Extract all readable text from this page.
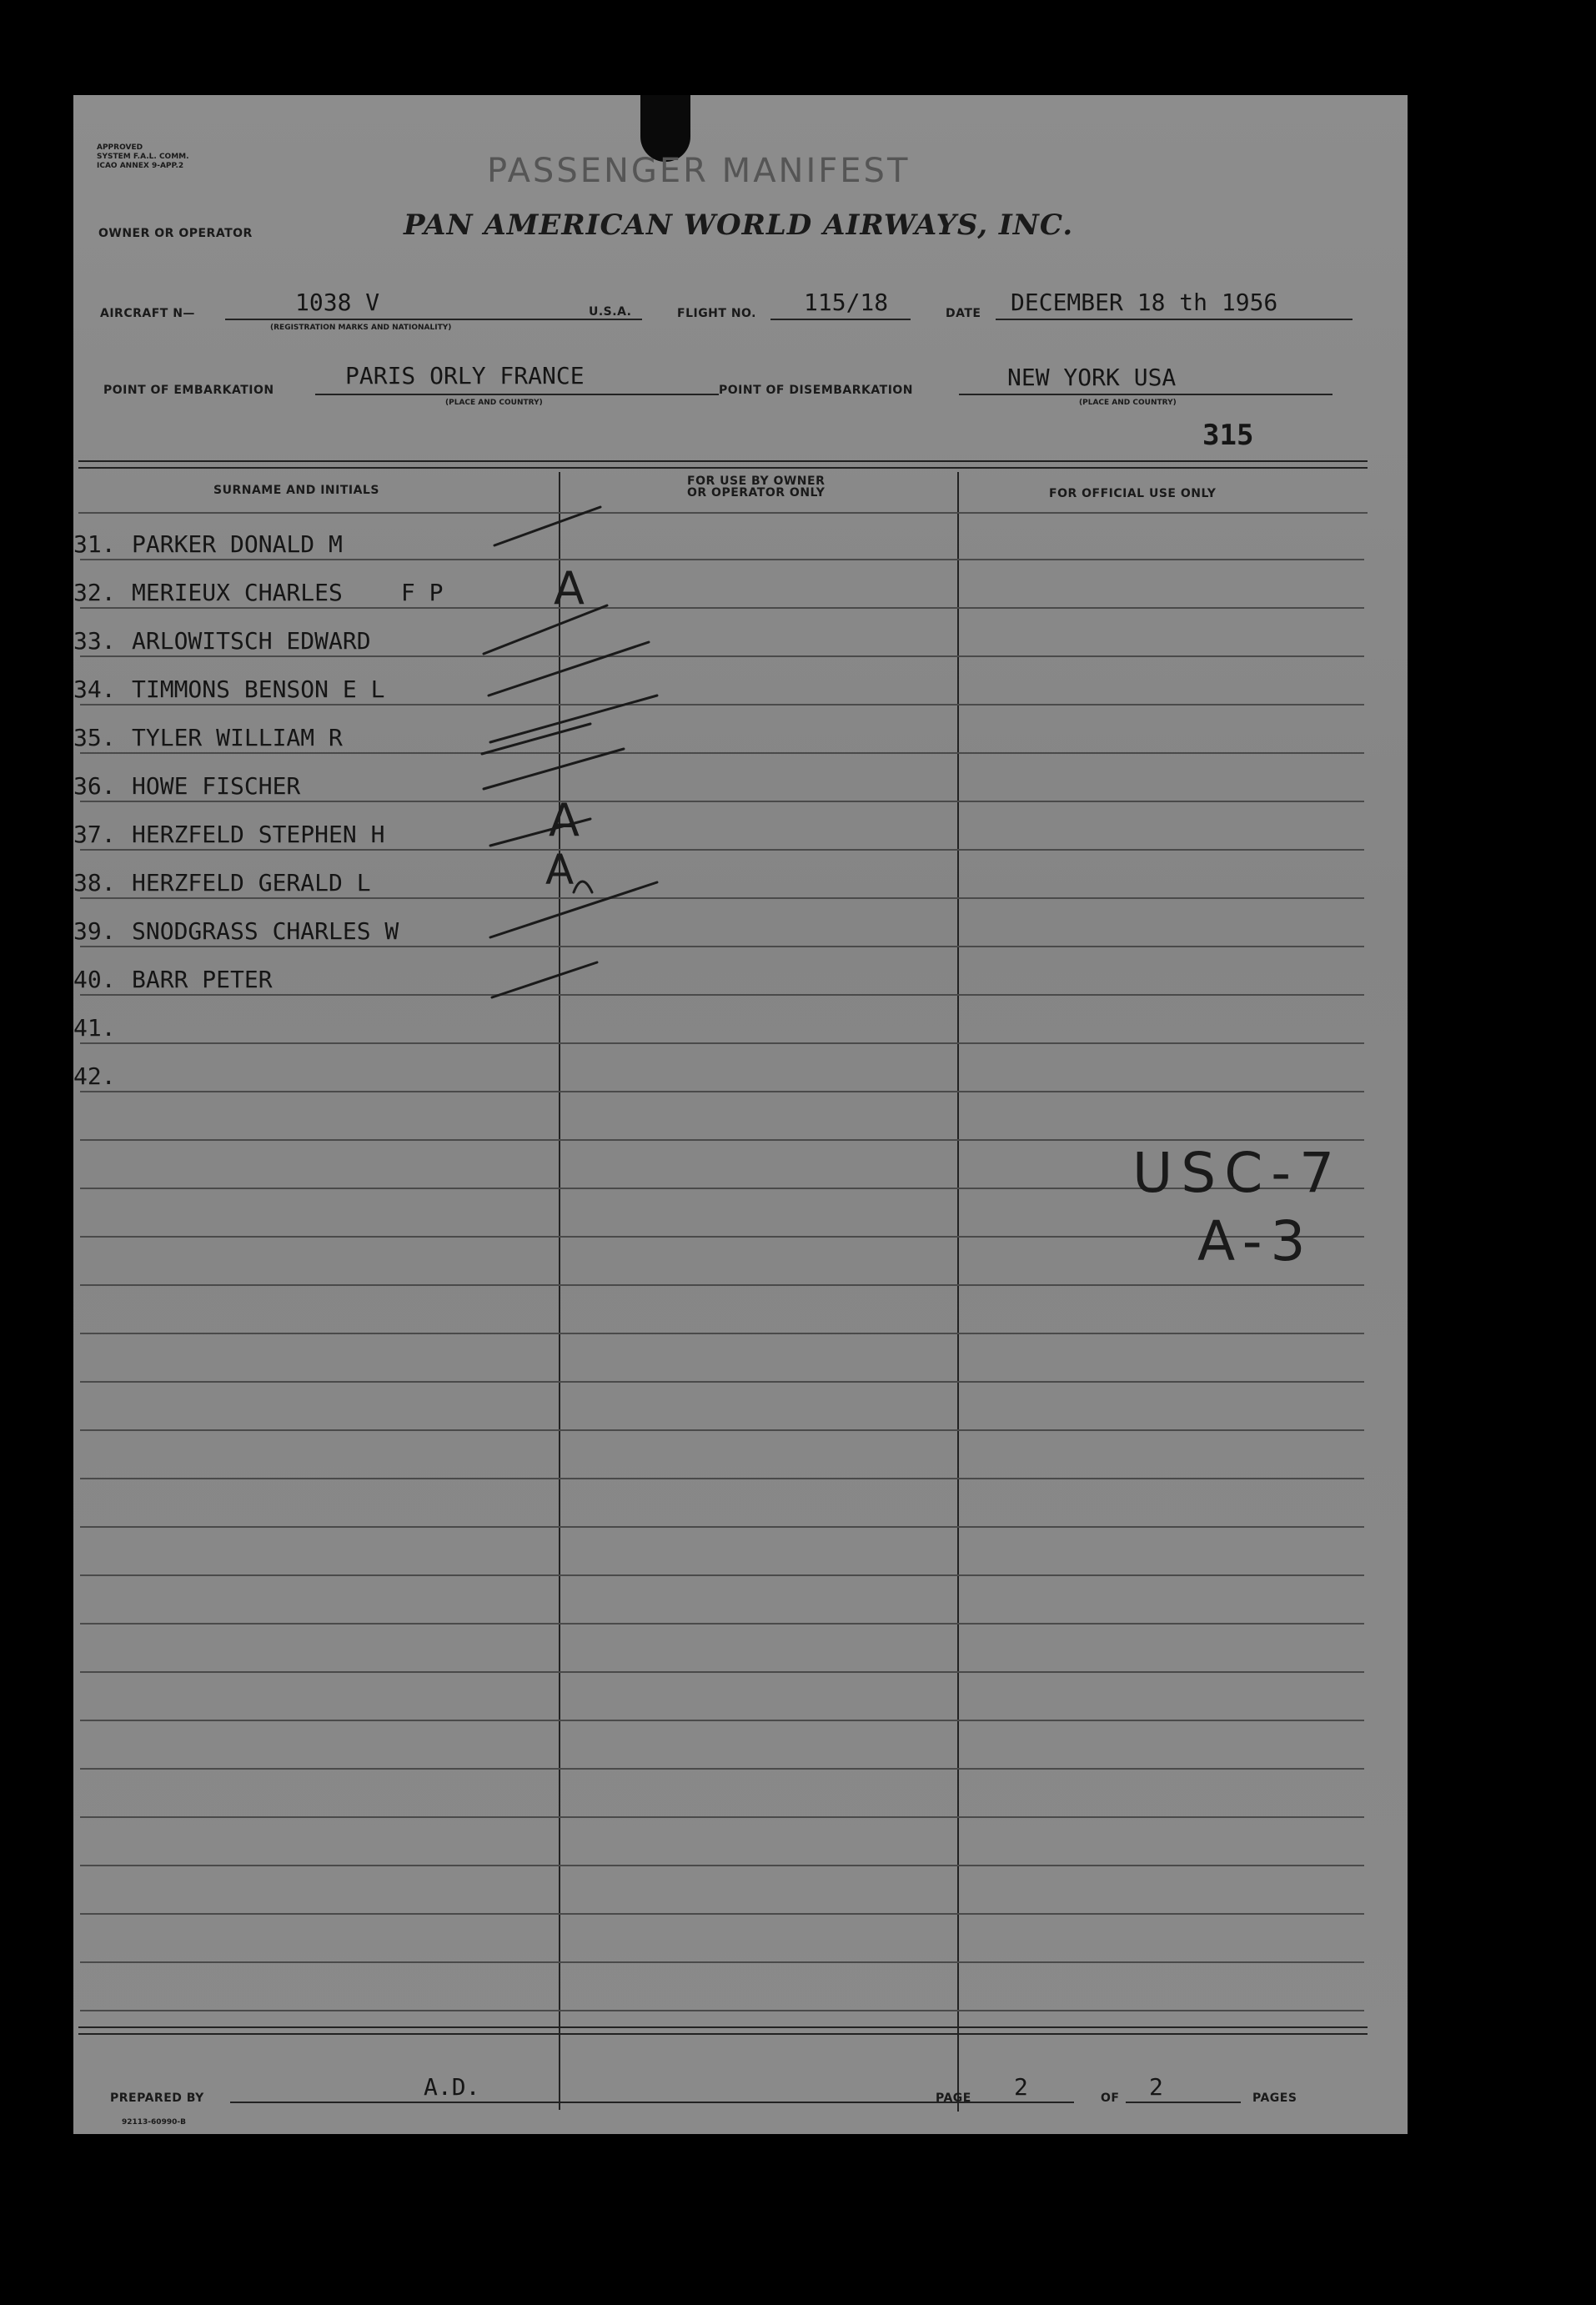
APPROVED
SYSTEM F.A.L. COMM.
ICAO ANNEX 9-APP.2	PASSENGER MANIFEST
OWNER OR OPERATOR	PAN AMERICAN WORLD AIRWAYS, INC.
AIRCRAFT N—	1038 V
(REGISTRATION MARKS AND NATIONALITY)
U.S.A.	FLIGHT NO. 115/18	DATE DECEMBER 18 th 1956
POINT OF EMBARKATION
PARIS ORLY FRANCE
(PLACE AND COUNTRY)
POINT OF DISEMBARKATION	NEW YORK USA
(PLACE AND COUNTRY)
315
SURNAME AND INITIALS
FOR USE BY OWNER
OR OPERATOR ONLY	FOR OFFICIAL USE ONLY
31. PARKER DONALD M
32. MERIEUX CHARLES	F P
33. ARLOWITSCH EDWARD
34. TIMMONS BENSON E L
35. TYLER WILLIAM R
36. HOWE FISCHER
37. HERZFELD STEPHEN H
38. HERZFELD GERALD L
39. SNODGRASS CHARLES W
40. BARR PETER
41.
42.
A
A
A
USC-7
A-3
PREPARED BY	A.D.	PAGE 2	OF 2	PAGES
92113-60990-B
